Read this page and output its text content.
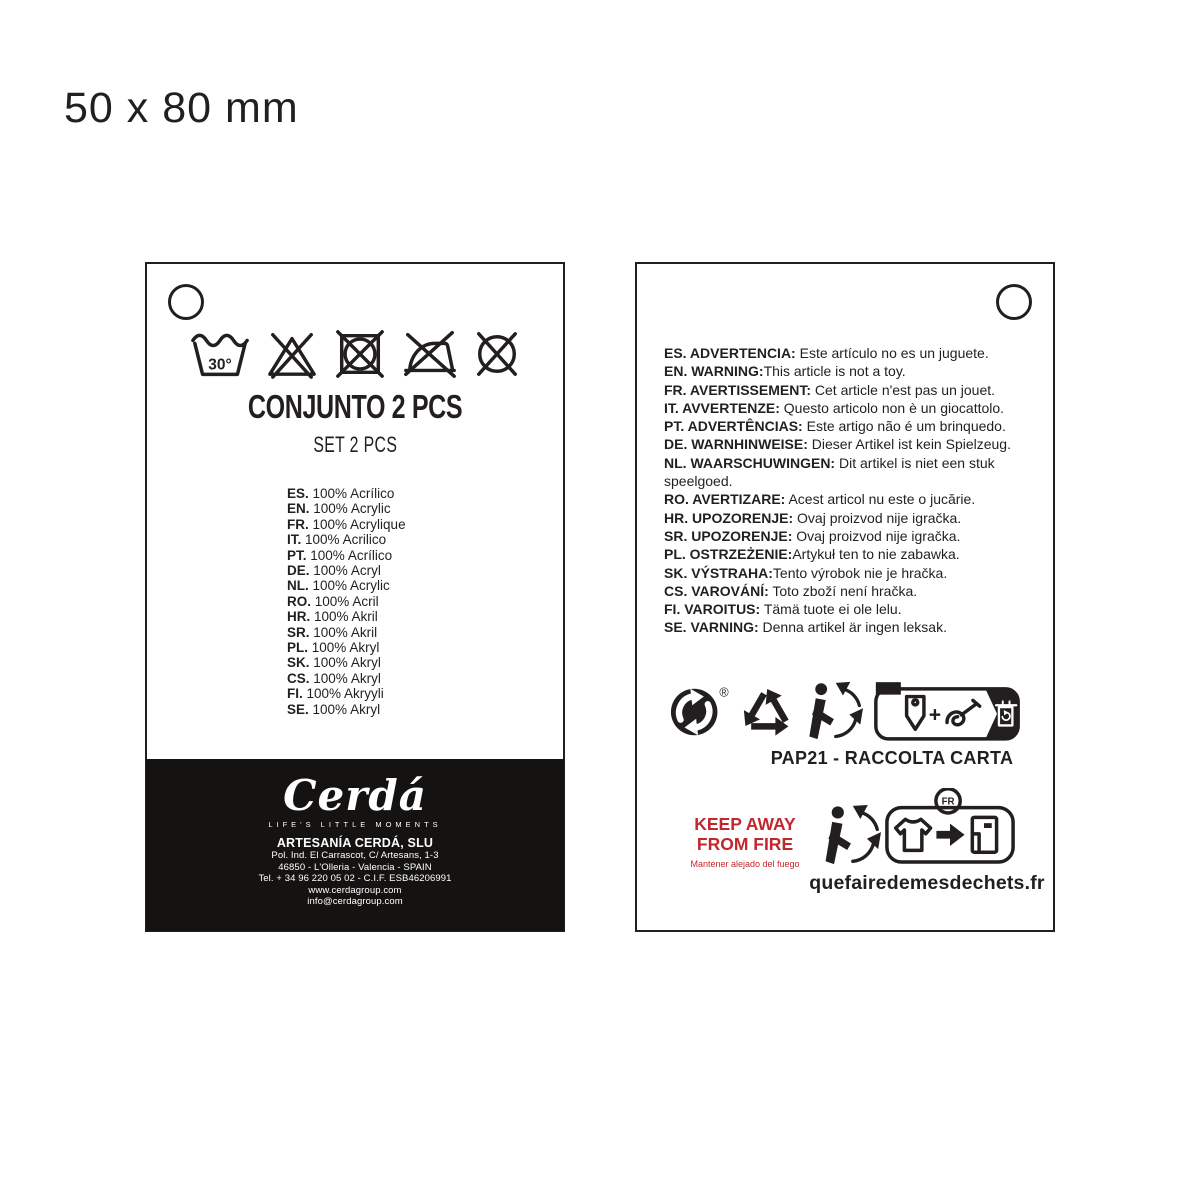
50 x 80 mm
30°
CONJUNTO 2 PCS
SET 2 PCS
ES. 100% Acrílico
EN. 100% Acrylic
FR. 100% Acrylique
IT. 100% Acrilico
PT. 100% Acrílico
DE. 100% Acryl
NL. 100% Acrylic
RO. 100% Acril
HR. 100% Akril
SR. 100% Akril
PL. 100% Akryl
SK. 100% Akryl
CS. 100% Akryl
FI. 100% Akryyli
SE. 100% Akryl
Cerdá
LIFE'S LITTLE MOMENTS
ARTESANÍA CERDÁ, SLU
Pol. Ind. El Carrascot, C/ Artesans, 1-3
46850 - L'Olleria - Valencia - SPAIN
Tel. + 34 96 220 05 02 - C.I.F. ESB46206991
www.cerdagroup.com
info@cerdagroup.com
ES. ADVERTENCIA: Este artículo no es un juguete.
EN. WARNING:This article is not a toy.
FR. AVERTISSEMENT: Cet article n'est pas un jouet.
IT. AVVERTENZE: Questo articolo non è un giocattolo.
PT. ADVERTÊNCIAS: Este artigo não é um brinquedo.
DE. WARNHINWEISE: Dieser Artikel ist kein Spielzeug.
NL. WAARSCHUWINGEN: Dit artikel is niet een stuk speelgoed.
RO. AVERTIZARE: Acest articol nu este o jucărie.
HR. UPOZORENJE: Ovaj proizvod nije igračka.
SR. UPOZORENJE: Ovaj proizvod nije igračka.
PL. OSTRZEŻENIE:Artykuł ten to nie zabawka.
SK. VÝSTRAHA:Tento výrobok nie je hračka.
CS. VAROVÁNÍ: Toto zboží není hračka.
FI. VAROITUS: Tämä tuote ei ole lelu.
SE. VARNING: Denna artikel är ingen leksak.
®	FR
+
PAP21 - RACCOLTA CARTA
KEEP AWAY
FROM FIRE
Mantener alejado del fuego
FR
quefairedemesdechets.fr
